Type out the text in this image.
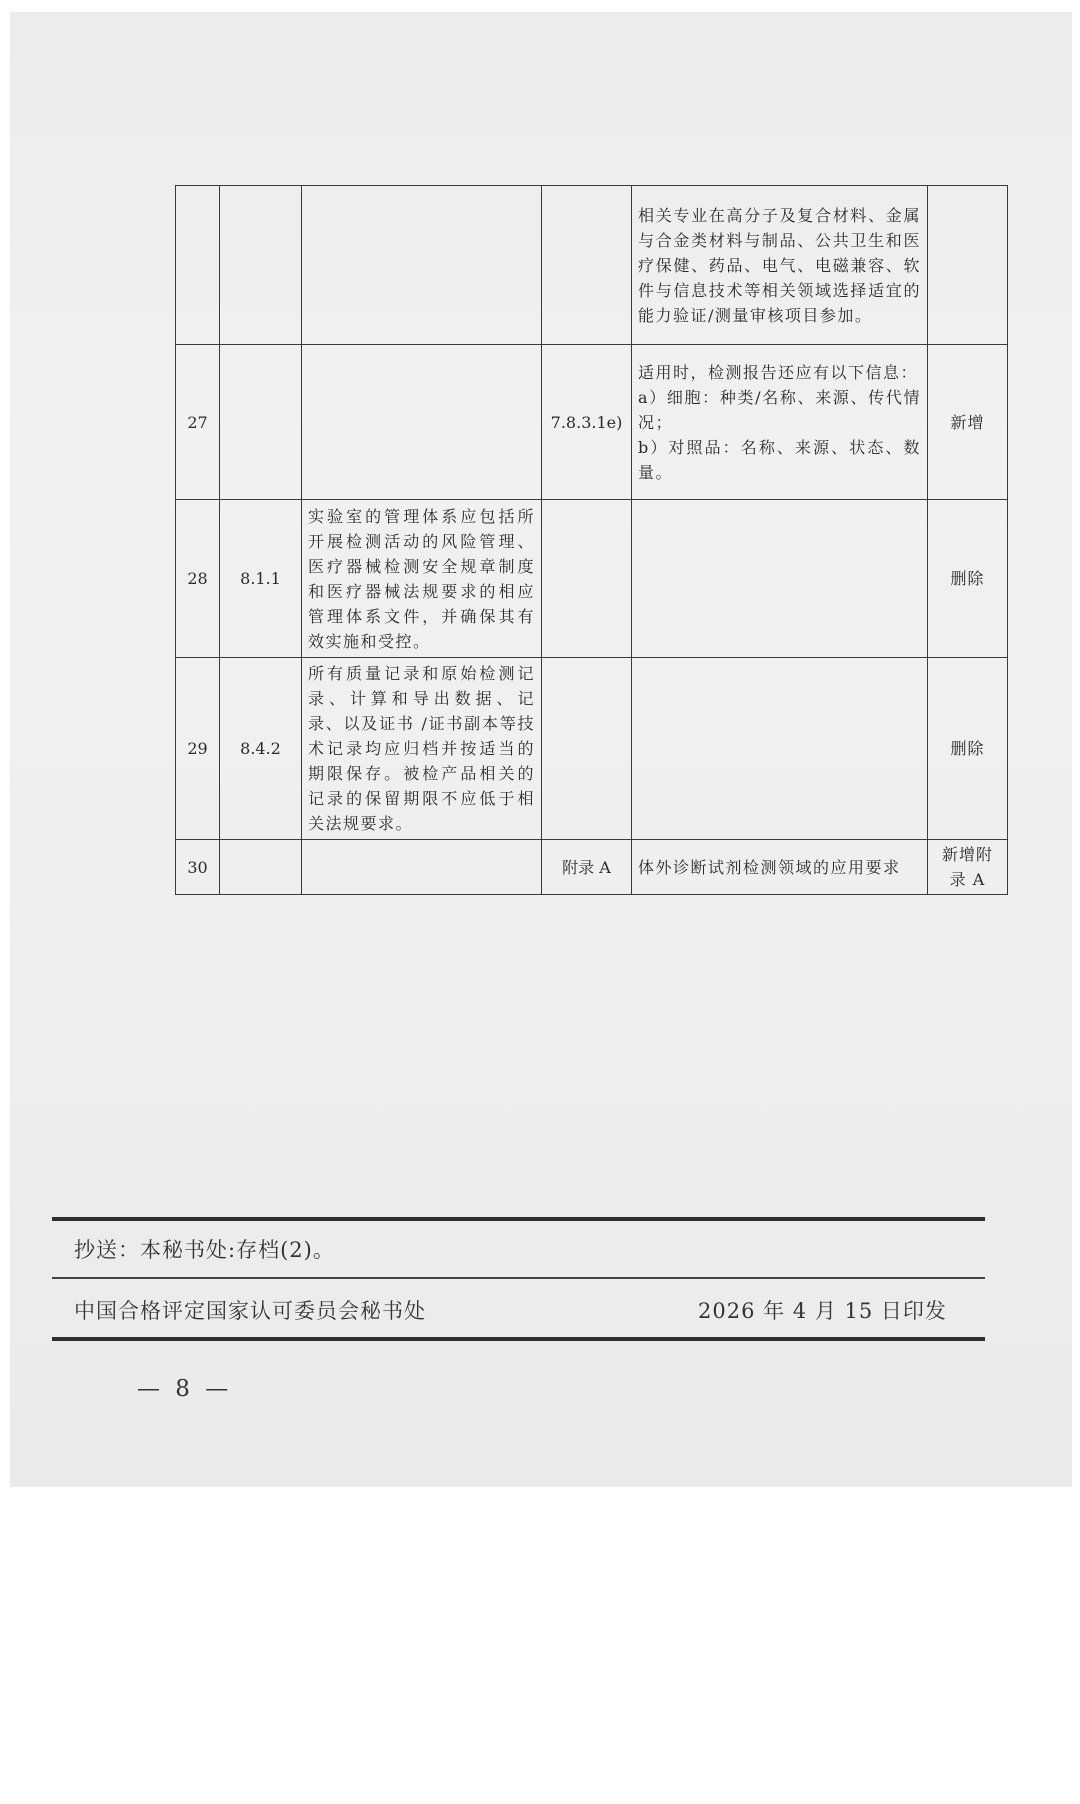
				相关专业在高分子及复合材料、金属与合金类材料与制品、公共卫生和医疗保健、药品、电气、电磁兼容、软件与信息技术等相关领域选择适宜的能力验证/测量审核项目参加。	
27			7.8.3.1e)	适用时，检测报告还应有以下信息：
a）细胞：种类/名称、来源、传代情况；
b）对照品：名称、来源、状态、数量。	新增
28	8.1.1	实验室的管理体系应包括所开展检测活动的风险管理、医疗器械检测安全规章制度和医疗器械法规要求的相应管理体系文件，并确保其有效实施和受控。			删除
29	8.4.2	所有质量记录和原始检测记录、计算和导出数据、记录、以及证书 /证书副本等技术记录均应归档并按适当的期限保存。被检产品相关的记录的保留期限不应低于相关法规要求。			删除
30			附录 A	体外诊断试剂检测领域的应用要求	新增附录 A
抄送：本秘书处:存档(2)。
中国合格评定国家认可委员会秘书处	2026 年 4 月 15 日印发
— 8 —
